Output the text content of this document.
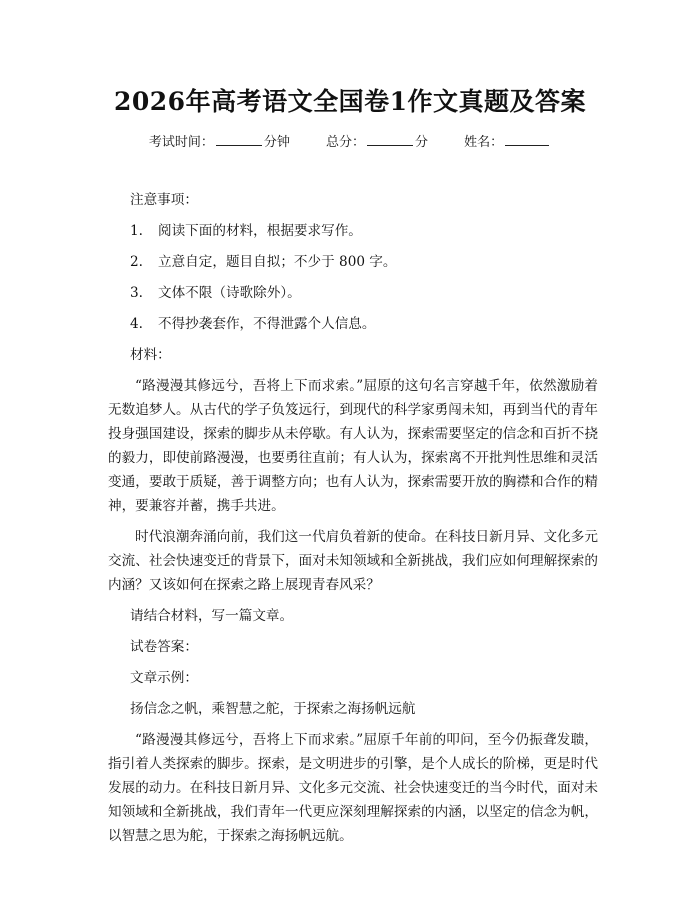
2026年高考语文全国卷1作文真题及答案
考试时间：	分钟	总分：	分	姓名：

注意事项：

1. 阅读下面的材料，根据要求写作。

2. 立意自定，题目自拟；不少于 800 字。

3. 文体不限（诗歌除外）。

4. 不得抄袭套作，不得泄露个人信息。

材料：

“路漫漫其修远兮，吾将上下而求索。”屈原的这句名言穿越千年，依然激励着无数追梦人。从古代的学子负笈远行，到现代的科学家勇闯未知，再到当代的青年投身强国建设，探索的脚步从未停歇。有人认为，探索需要坚定的信念和百折不挠的毅力，即使前路漫漫，也要勇往直前；有人认为，探索离不开批判性思维和灵活变通，要敢于质疑，善于调整方向；也有人认为，探索需要开放的胸襟和合作的精神，要兼容并蓄，携手共进。

时代浪潮奔涌向前，我们这一代肩负着新的使命。在科技日新月异、文化多元交流、社会快速变迁的背景下，面对未知领域和全新挑战，我们应如何理解探索的内涵？又该如何在探索之路上展现青春风采？

请结合材料，写一篇文章。

试卷答案：

文章示例：

扬信念之帆，乘智慧之舵，于探索之海扬帆远航

“路漫漫其修远兮，吾将上下而求索。”屈原千年前的叩问，至今仍振聋发聩，指引着人类探索的脚步。探索，是文明进步的引擎，是个人成长的阶梯，更是时代发展的动力。在科技日新月异、文化多元交流、社会快速变迁的当今时代，面对未知领域和全新挑战，我们青年一代更应深刻理解探索的内涵，以坚定的信念为帆，以智慧之思为舵，于探索之海扬帆远航。
